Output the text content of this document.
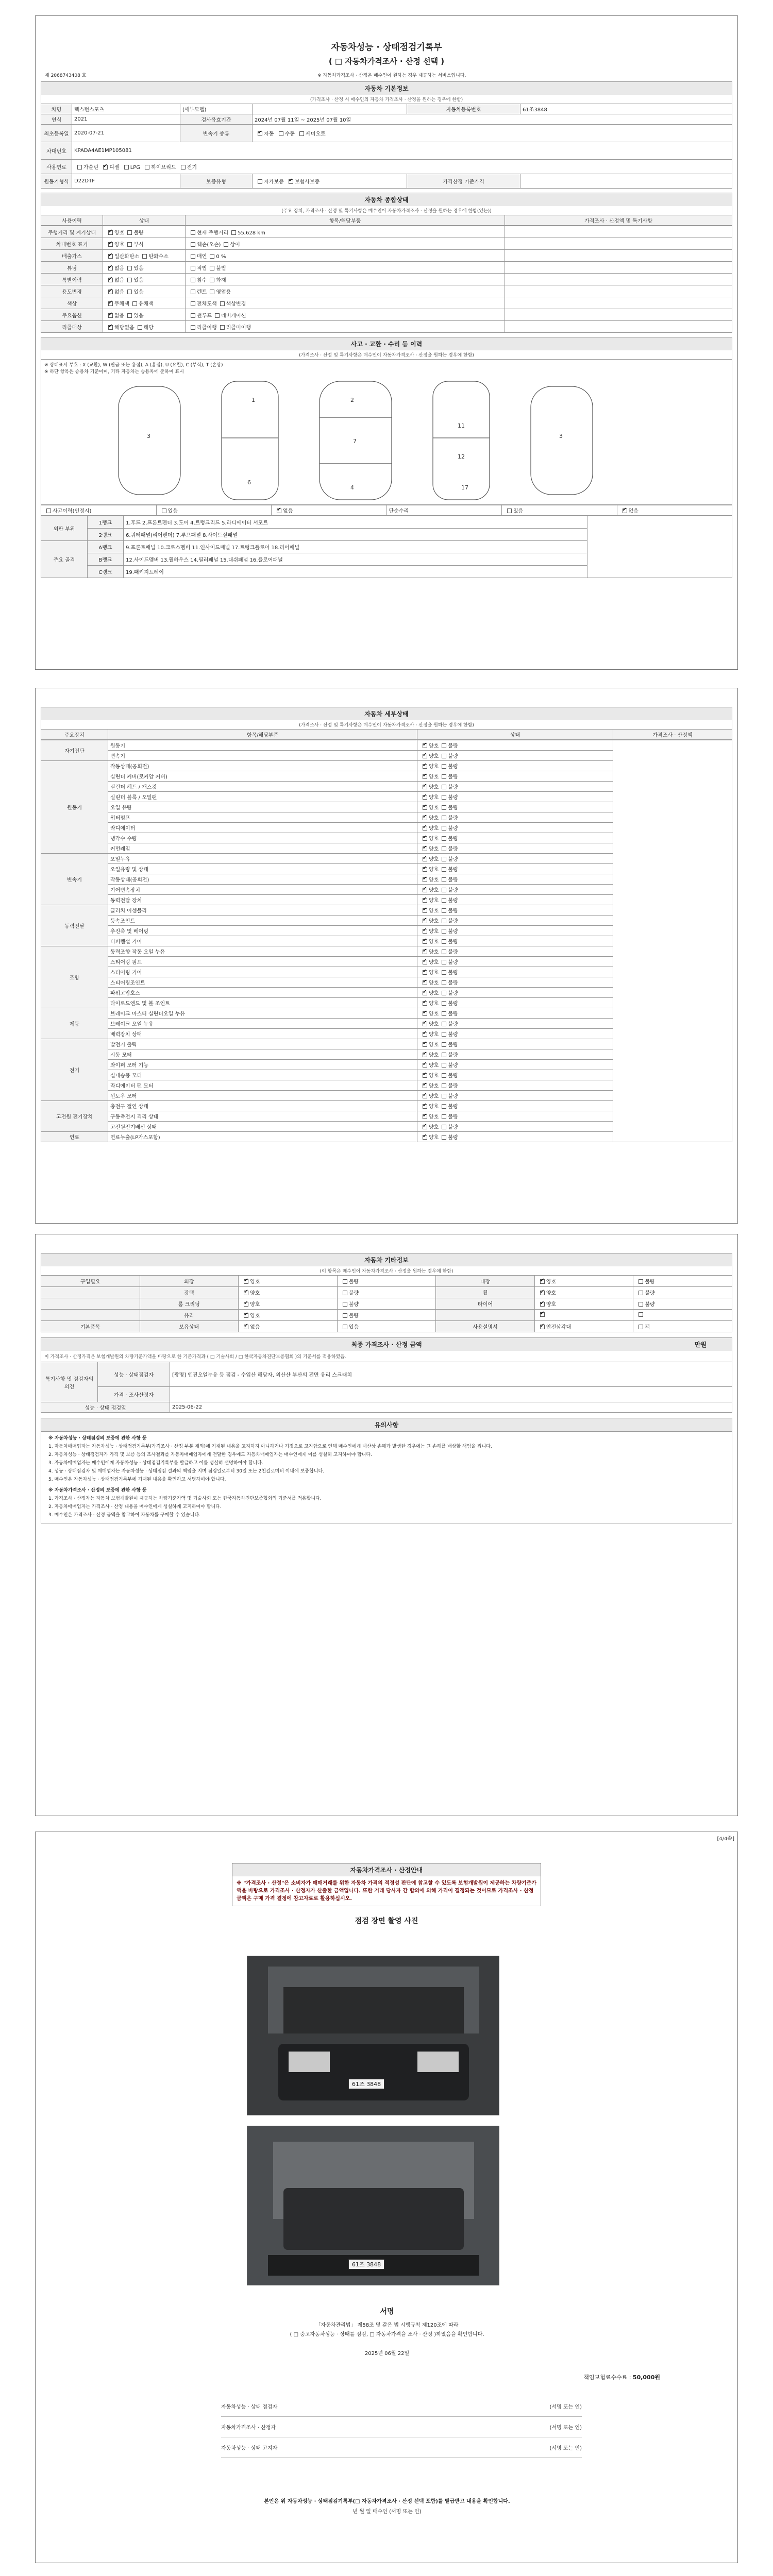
자동차성능 · 상태점검기록부
( □ 자동차가격조사 · 산정 선택 )
제 2068743408 호	※ 자동차가격조사 · 산정은 매수인이 원하는 경우 제공하는 서비스입니다.
자동차 기본정보
(가격조사 · 산정 시 매수인의 자동차 가격조사 · 산정을 원하는 경우에 한함)
차명	렉스턴스포츠	(세부모델)		자동차등록번호	61조3848
연식	2021	검사유효기간	2024년 07월 11일 ~ 2025년 07월 10일		
최초등록일	2020-07-21	변속기 종류	✔자동 수동 세미오토
차대번호	KPADA4AE1MP105081				
사용연료	가솔린 ✔ 디젤 LPG 하이브리드 전기
원동기형식	D22DTF	보증유형	자가보증 ✔ 보험사보증	가격산정 기준가격	
자동차 종합상태
(주요 장치, 가격조사 · 산정 및 특기사항은 매수인이 자동차가격조사 · 산정을 원하는 경우에 한함(있는))
사용이력	상태	항목/해당부품	가격조사 · 산정액 및 특기사항
주행거리 및 계기상태	✔양호 불량	현재 주행거리 55,628 km	
차대번호 표기	✔양호 부식	훼손(오손) 상이	
배출가스	✔일산화탄소 탄화수소	매연 0 %	
튜닝	✔없음 있음	적법 불법	
특별이력	✔없음 있음	침수 화재	
용도변경	✔없음 있음	렌트 영업용	
색상	✔무채색 유채색	전체도색 색상변경	
주요옵션	✔없음 있음	썬루프 네비게이션	
리콜대상	✔해당없음 해당	리콜이행 리콜미이행	
사고 · 교환 · 수리 등 이력
(가격조사 · 산정 및 특기사항은 매수인이 자동차가격조사 · 산정을 원하는 경우에 한함)
※ 상태표시 부호 : X (교환), W (판금 또는 용접), A (흠집), U (요철), C (부식), T (손상)
※ 하단 항목은 승용차 기준이며, 기타 자동차는 승용차에 준하여 표시
1	2
3	3
7
11
12
6
4	17
사고이력(인정시)	있음	✔없음	단순수리	있음	✔없음
외판 부위	1랭크	1.후드 2.프론트펜더 3.도어 4.트렁크리드 5.라디에이터 서포트	
	2랭크	6.쿼터패널(리어펜더) 7.루프패널 8.사이드실패널	
주요 골격	A랭크	9.프론트패널 10.크로스멤버 11.인사이드패널 17.트렁크플로어 18.리어패널	
	B랭크	12.사이드멤버 13.휠하우스 14.필러패널 15.대쉬패널 16.플로어패널	
	C랭크	19.패키지트레이	
자동차 세부상태
(가격조사 · 산정 및 특기사항은 매수인이 자동차가격조사 · 산정을 원하는 경우에 한함)
주요장치	항목/해당부품	상태	가격조사 · 산정액
자기진단	원동기	✔양호 불량	
	변속기	✔양호 불량
원동기	작동상태(공회전)	✔양호 불량
	실린더 커버(로커암 커버)	✔양호 불량
	실린더 헤드 / 개스킷	✔양호 불량
	실린더 블록 / 오일팬	✔양호 불량
	오일 유량	✔양호 불량
	워터펌프	✔양호 불량
	라디에이터	✔양호 불량
	냉각수 수량	✔양호 불량
	커먼레일	✔양호 불량
변속기	오일누유	✔양호 불량
	오일유량 및 상태	✔양호 불량
	작동상태(공회전)	✔양호 불량
	기어변속장치	✔양호 불량
	동력전달 장치	✔양호 불량
동력전달	클러치 어셈블리	✔양호 불량
	등속조인트	✔양호 불량
	추진축 및 베어링	✔양호 불량
	디퍼렌셜 기어	✔양호 불량
조향	동력조향 작동 오일 누유	✔양호 불량
	스티어링 펌프	✔양호 불량
	스티어링 기어	✔양호 불량
	스티어링조인트	✔양호 불량
	파워고압호스	✔양호 불량
	타이로드엔드 및 볼 조인트	✔양호 불량
제동	브레이크 마스터 실린더오일 누유	✔양호 불량
	브레이크 오일 누유	✔양호 불량
	배력장치 상태	✔양호 불량
전기	발전기 출력	✔양호 불량
	시동 모터	✔양호 불량
	와이퍼 모터 기능	✔양호 불량
	실내송풍 모터	✔양호 불량
	라디에이터 팬 모터	✔양호 불량
	윈도우 모터	✔양호 불량
고전원 전기장치	충전구 절연 상태	✔양호 불량
	구동축전지 격리 상태	✔양호 불량
	고전원전기배선 상태	✔양호 불량
연료	연료누출(LP가스포함)	✔양호 불량
자동차 기타정보
(이 항목은 매수인이 자동차가격조사 · 산정을 원하는 경우에 한함)
구입필요	외장	✔양호	불량	내장	✔양호	불량
	광택	✔양호	불량	휠	✔양호	불량
	룸 크리닝	✔양호	불량	타이어	✔양호	불량
	유리	✔양호	불량		✔	
기본품목	보유상태	✔없음	있음	사용설명서	✔안전삼각대	잭
최종 가격조사 · 산정 금액	만원
이 가격조사 · 산정가격은 보험개발원의 차량기준가액을 바탕으로 한 기준가격과 ( □ 기술사회 / □ 한국자동차진단보증협회 )의 기준서를 적용하였음.
특기사항 및 점검자의 의견	성능 · 상태점검자	[광명] 엔진오일누유 등 점검 - 수입산 해당자, 외산산 부산의 전면 유리 스크래치
	가격 · 조사산정자	
성능 · 상태 점검일		2025-06-22
유의사항

※ 자동차성능 · 상태점검의 보증에 관한 사항 등

1. 자동차매매업자는 자동차성능 · 상태점검기록부(가격조사 · 산정 부분 제외)에 기재된 내용을 고지하지 아니하거나 거짓으로 고지함으로 인해 매수인에게 재산상 손해가 발생한 경우에는 그 손해를 배상할 책임을 집니다.

2. 자동차성능 · 상태점검자가 가격 및 보증 등의 조사결과를 자동차매매업자에게 전달한 경우에도 자동차매매업자는 매수인에게 이를 성실히 고지하여야 합니다.

3. 자동차매매업자는 매수인에게 자동차성능 · 상태점검기록부를 발급하고 이를 성실히 설명하여야 합니다.

4. 성능 · 상태점검자 및 매매업자는 자동차성능 · 상태점검 결과의 책임을 지며 점검일로부터 30일 또는 2천킬로미터 이내에 보증합니다.

5. 매수인은 자동차성능 · 상태점검기록부에 기재된 내용을 확인하고 서명하여야 합니다.

※ 자동차가격조사 · 산정의 보증에 관한 사항 등

1. 가격조사 · 산정자는 자동차 보험개발원이 제공하는 차량기준가액 및 기술사회 또는 한국자동차진단보증협회의 기준서를 적용합니다.

2. 자동차매매업자는 가격조사 · 산정 내용을 매수인에게 성실하게 고지하여야 합니다.

3. 매수인은 가격조사 · 산정 금액을 참고하여 자동차를 구매할 수 있습니다.

[4/4쪽]
자동차가격조사 · 산정안내
※ "가격조사 · 산정"은 소비자가 매매거래를 위한 자동차 가격의 적정성 판단에 참고할 수 있도록 보험개발원이 제공하는 차량기준가액을 바탕으로 가격조사 · 산정자가 산출한 금액입니다. 또한 거래 당사자 간 합의에 의해 가격이 결정되는 것이므로 가격조사 · 산정 금액은 구매 가격 결정에 참고자료로 활용하십시오.
점검 장면 촬영 사진
61조 3848
61조 3848
서명
「자동차관리법」 제58조 및 같은 법 시행규칙 제120조에 따라
( □ 중고자동차성능 · 상태를 점검, □ 자동차가격을 조사 · 산정 )하였음을 확인합니다.
2025년 06월 22일
책임보험료수수료 : 50,000원
자동차성능 · 상태 점검자	(서명 또는 인)
자동차가격조사 · 산정자	(서명 또는 인)
자동차성능 · 상태 고지자	(서명 또는 인)
본인은 위 자동차성능 · 상태점검기록부(□ 자동차가격조사 · 산정 선택 포함)를 발급받고 내용을 확인합니다.
년 월 일 매수인 (서명 또는 인)
